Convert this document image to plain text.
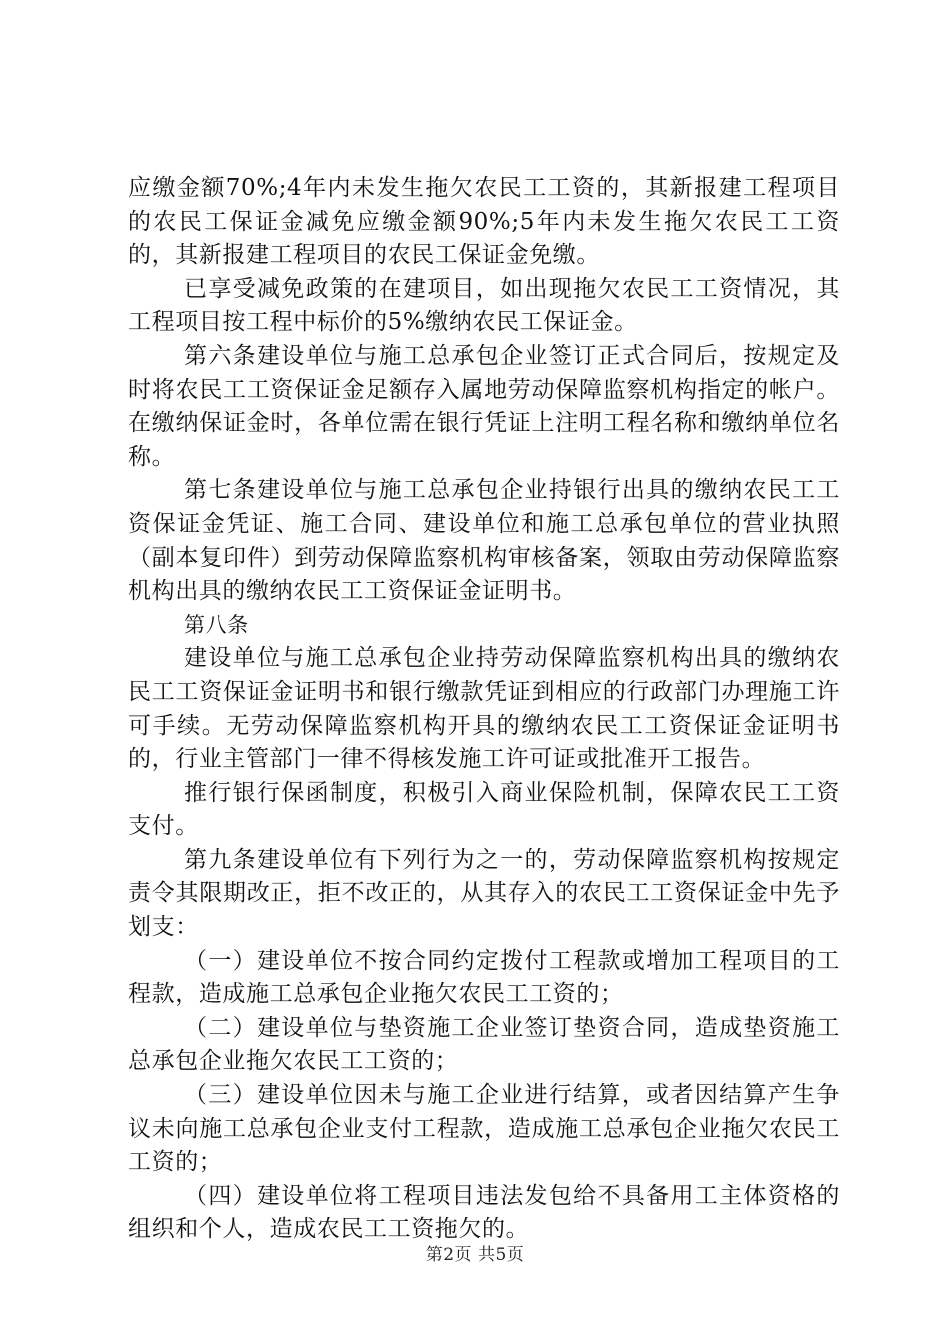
应缴金额70%;4年内未发生拖欠农民工工资的，其新报建工程项目的农民工保证金减免应缴金额90%;5年内未发生拖欠农民工工资的，其新报建工程项目的农民工保证金免缴。

已享受减免政策的在建项目，如出现拖欠农民工工资情况，其工程项目按工程中标价的5%缴纳农民工保证金。

第六条建设单位与施工总承包企业签订正式合同后，按规定及时将农民工工资保证金足额存入属地劳动保障监察机构指定的帐户。在缴纳保证金时，各单位需在银行凭证上注明工程名称和缴纳单位名称。

第七条建设单位与施工总承包企业持银行出具的缴纳农民工工资保证金凭证、施工合同、建设单位和施工总承包单位的营业执照（副本复印件）到劳动保障监察机构审核备案，领取由劳动保障监察机构出具的缴纳农民工工资保证金证明书。

第八条

建设单位与施工总承包企业持劳动保障监察机构出具的缴纳农民工工资保证金证明书和银行缴款凭证到相应的行政部门办理施工许可手续。无劳动保障监察机构开具的缴纳农民工工资保证金证明书的，行业主管部门一律不得核发施工许可证或批准开工报告。

推行银行保函制度，积极引入商业保险机制，保障农民工工资支付。

第九条建设单位有下列行为之一的，劳动保障监察机构按规定责令其限期改正，拒不改正的，从其存入的农民工工资保证金中先予划支：

（一）建设单位不按合同约定拨付工程款或增加工程项目的工程款，造成施工总承包企业拖欠农民工工资的；

（二）建设单位与垫资施工企业签订垫资合同，造成垫资施工总承包企业拖欠农民工工资的；

（三）建设单位因未与施工企业进行结算，或者因结算产生争议未向施工总承包企业支付工程款，造成施工总承包企业拖欠农民工工资的；

（四）建设单位将工程项目违法发包给不具备用工主体资格的组织和个人，造成农民工工资拖欠的。

第2页 共5页
